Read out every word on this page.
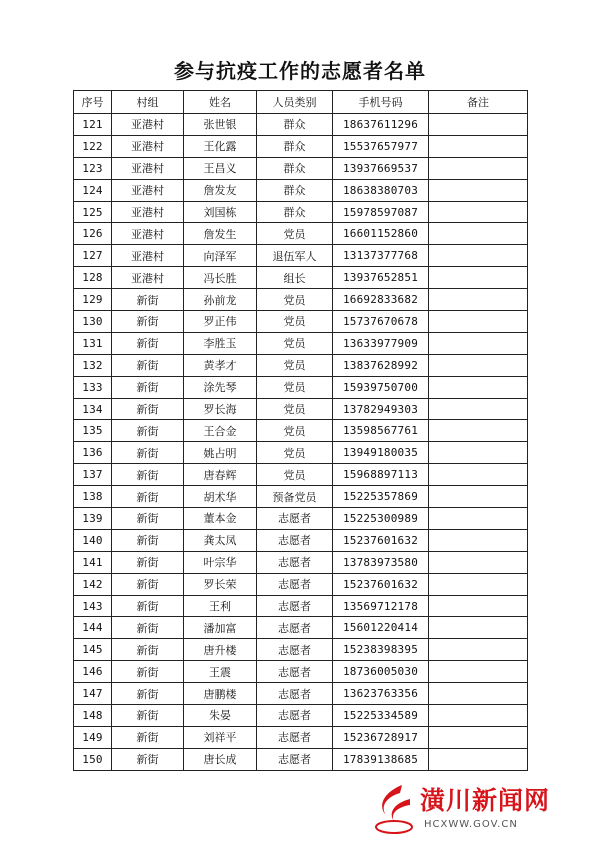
参与抗疫工作的志愿者名单
序号	村组	姓名	人员类别	手机号码	备注
121	亚港村	张世银	群众	18637611296	
122	亚港村	王化露	群众	15537657977	
123	亚港村	王昌义	群众	13937669537	
124	亚港村	詹发友	群众	18638380703	
125	亚港村	刘国栋	群众	15978597087	
126	亚港村	詹发生	党员	16601152860	
127	亚港村	向泽军	退伍军人	13137377768	
128	亚港村	冯长胜	组长	13937652851	
129	新街	孙前龙	党员	16692833682	
130	新街	罗正伟	党员	15737670678	
131	新街	李胜玉	党员	13633977909	
132	新街	黄孝才	党员	13837628992	
133	新街	涂先琴	党员	15939750700	
134	新街	罗长海	党员	13782949303	
135	新街	王合金	党员	13598567761	
136	新街	姚占明	党员	13949180035	
137	新街	唐春辉	党员	15968897113	
138	新街	胡术华	预备党员	15225357869	
139	新街	董本金	志愿者	15225300989	
140	新街	龚太凤	志愿者	15237601632	
141	新街	叶宗华	志愿者	13783973580	
142	新街	罗长荣	志愿者	15237601632	
143	新街	王利	志愿者	13569712178	
144	新街	潘加富	志愿者	15601220414	
145	新街	唐升楼	志愿者	15238398395	
146	新街	王震	志愿者	18736005030	
147	新街	唐鹏楼	志愿者	13623763356	
148	新街	朱晏	志愿者	15225334589	
149	新街	刘祥平	志愿者	15236728917	
150	新街	唐长成	志愿者	17839138685	
潢川新闻网
HCXWW.GOV.CN
